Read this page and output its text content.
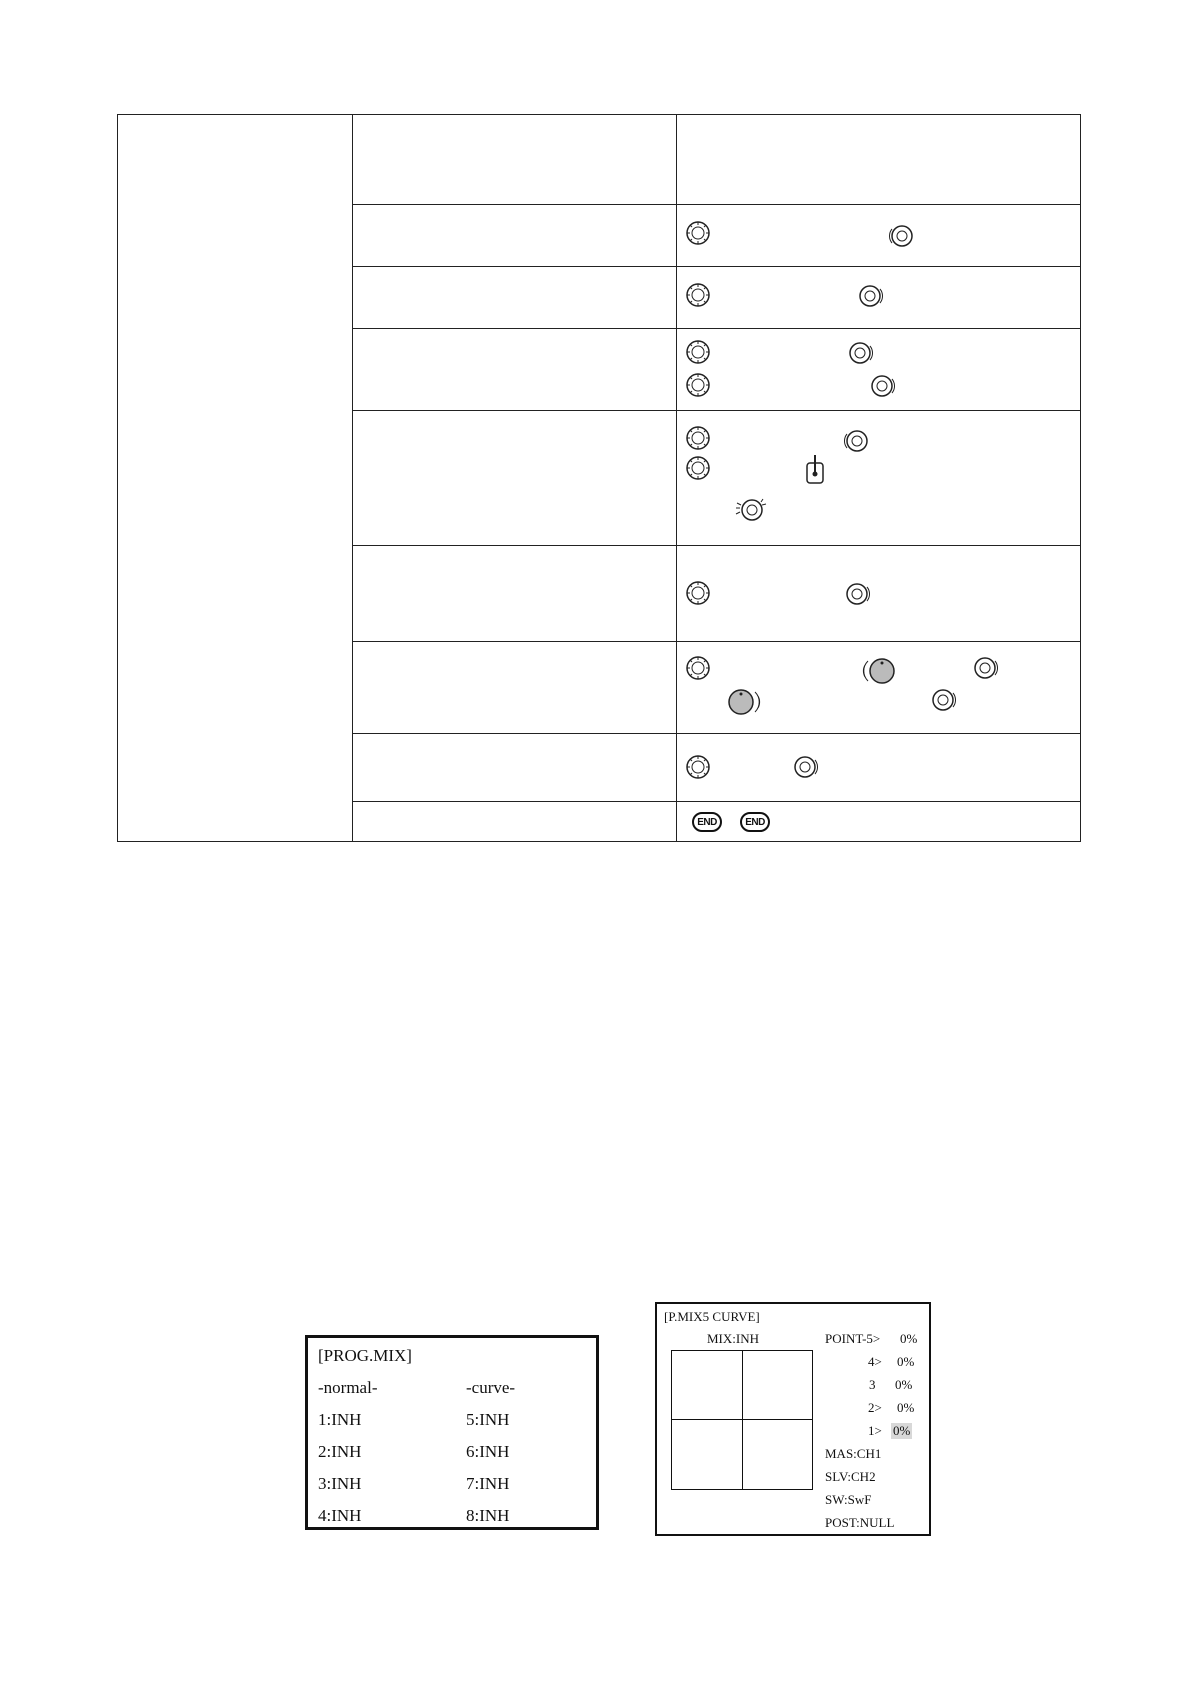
END	END
[PROG.MIX]
-normal-	-curve-
1:INH	5:INH
2:INH	6:INH
3:INH	7:INH
4:INH	8:INH
[P.MIX5 CURVE]
MIX:INH	POINT-5> 0%
4> 0%
3 0%
2> 0%
1> 0%
MAS:CH1
SLV:CH2
SW:SwF
POST:NULL
